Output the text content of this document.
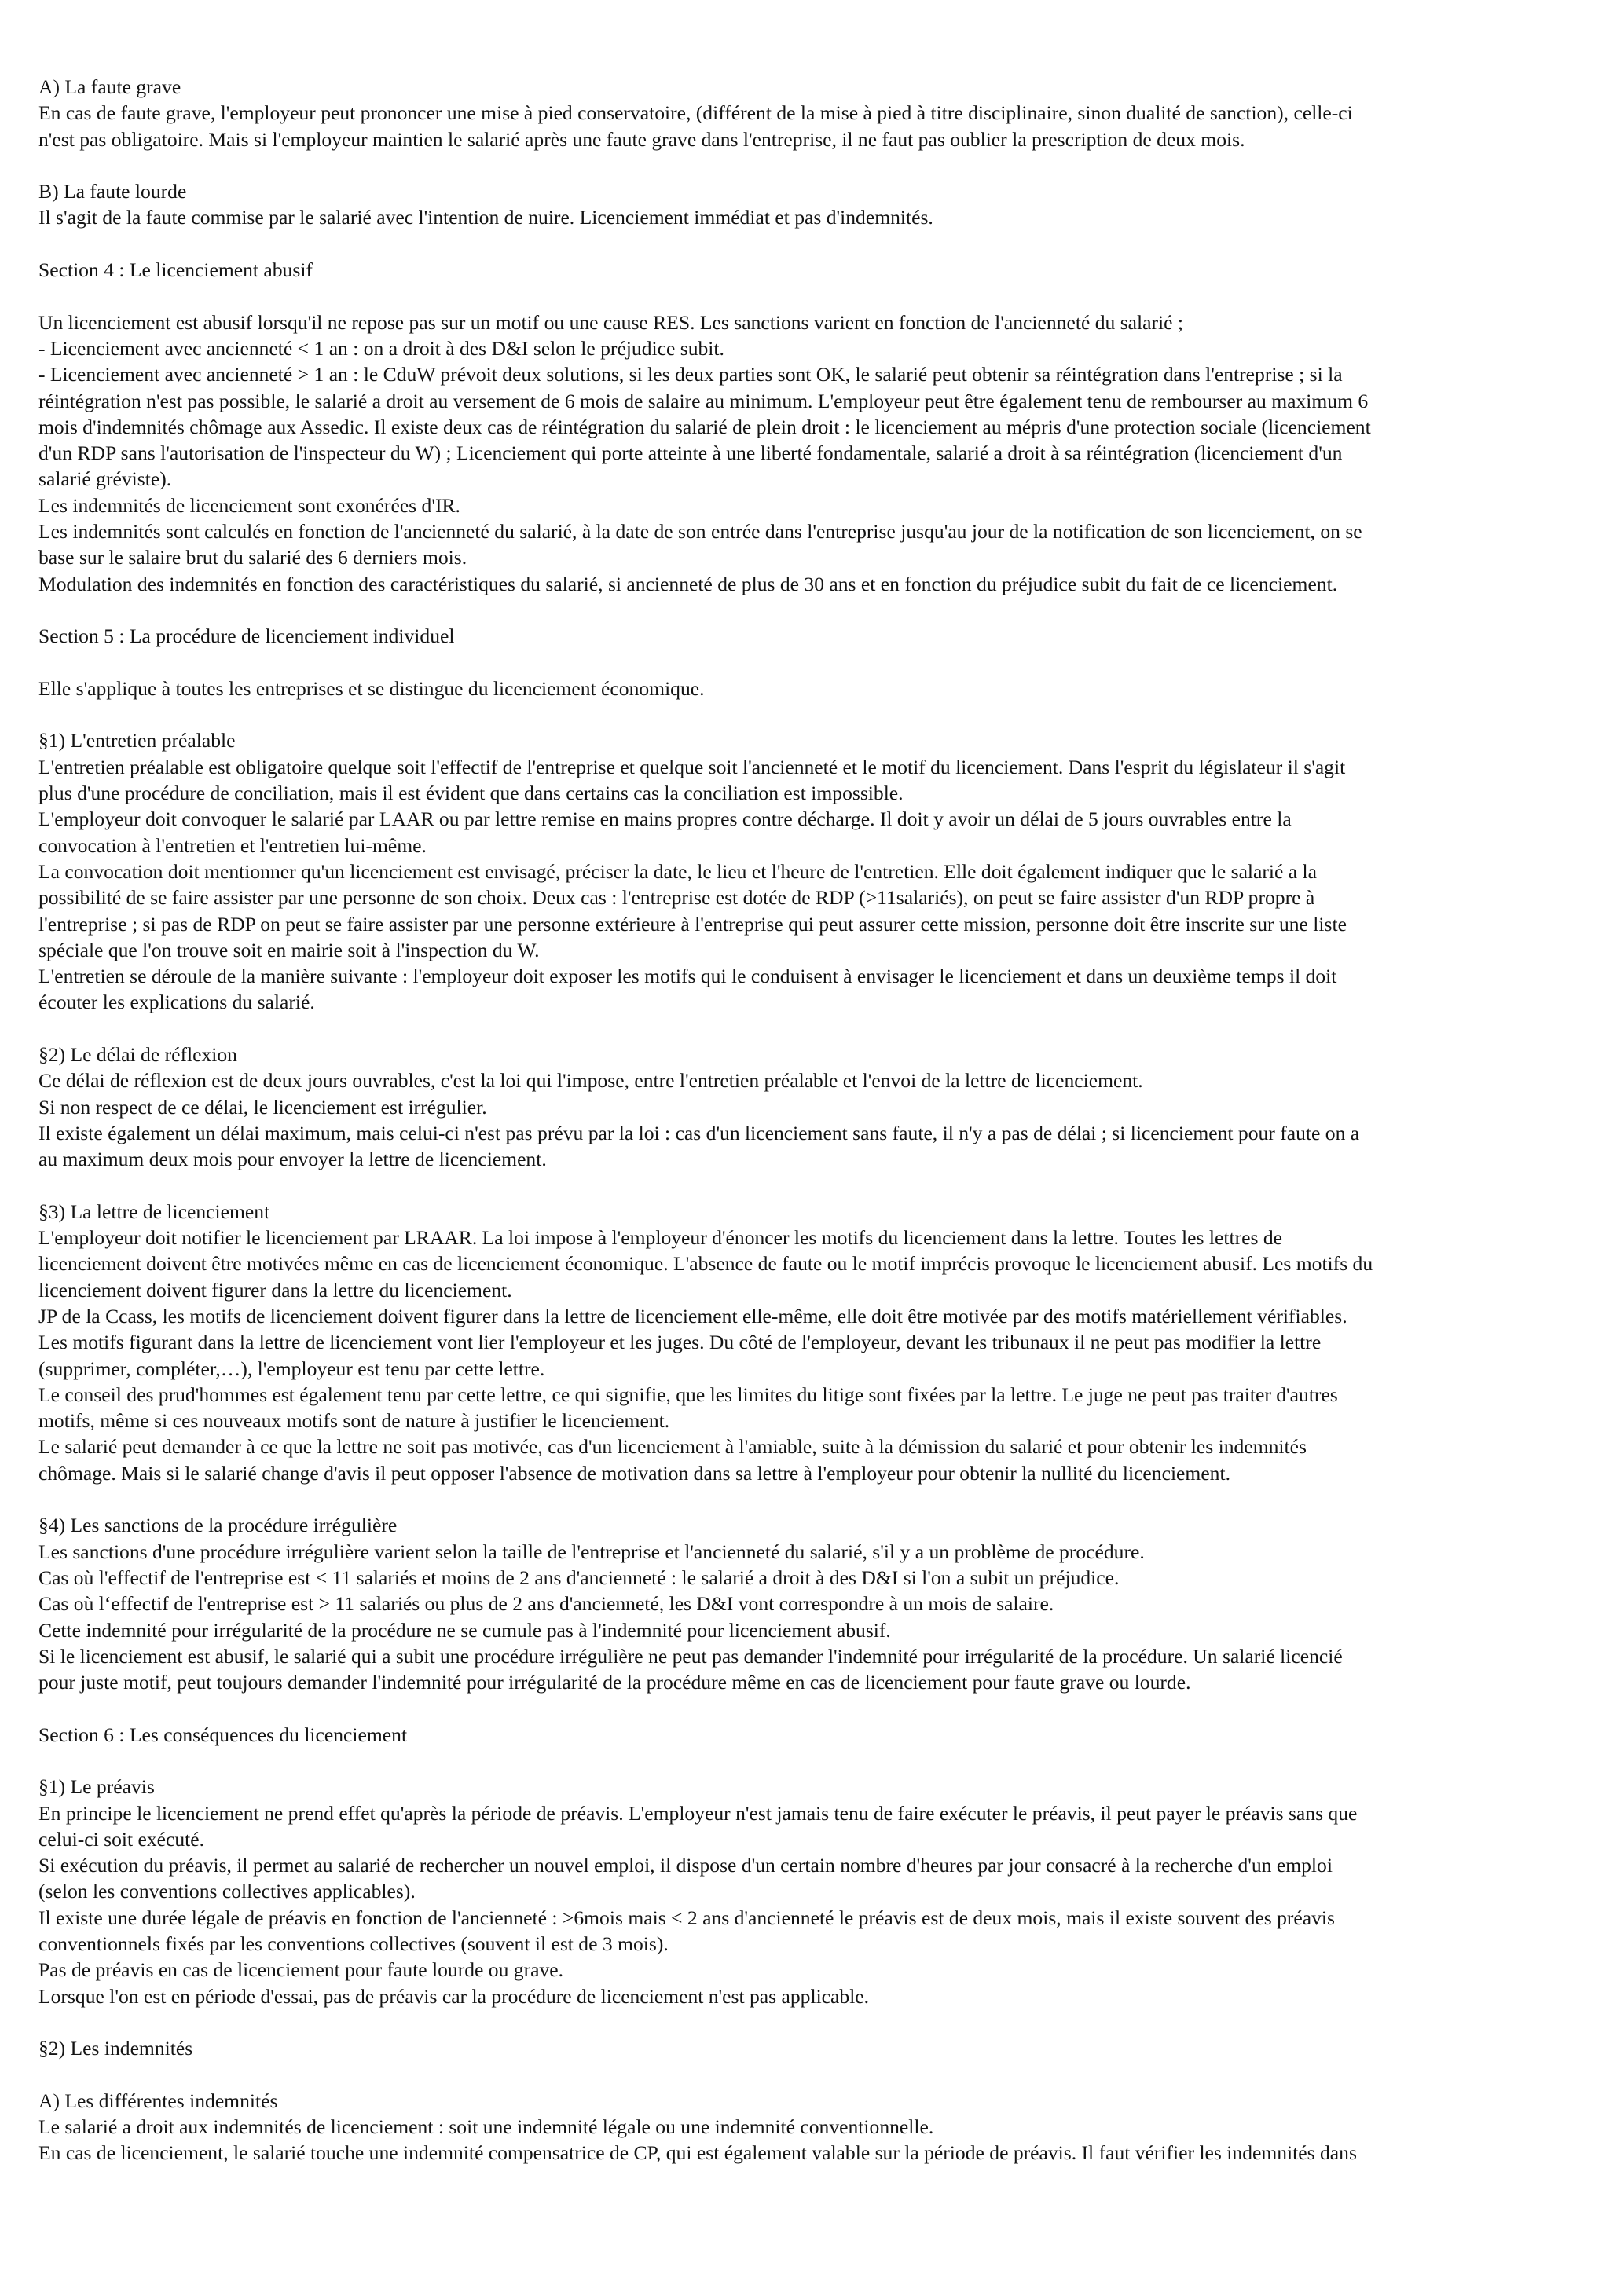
A) La faute grave
En cas de faute grave, l'employeur peut prononcer une mise à pied conservatoire, (différent de la mise à pied à titre disciplinaire, sinon dualité de sanction), celle-ci
n'est pas obligatoire. Mais si l'employeur maintien le salarié après une faute grave dans l'entreprise, il ne faut pas oublier la prescription de deux mois.
B) La faute lourde
Il s'agit de la faute commise par le salarié avec l'intention de nuire. Licenciement immédiat et pas d'indemnités.
Section 4 : Le licenciement abusif
Un licenciement est abusif lorsqu'il ne repose pas sur un motif ou une cause RES. Les sanctions varient en fonction de l'ancienneté du salarié ;
- Licenciement avec ancienneté < 1 an : on a droit à des D&I selon le préjudice subit.
- Licenciement avec ancienneté > 1 an : le CduW prévoit deux solutions, si les deux parties sont OK, le salarié peut obtenir sa réintégration dans l'entreprise ; si la
réintégration n'est pas possible, le salarié a droit au versement de 6 mois de salaire au minimum. L'employeur peut être également tenu de rembourser au maximum 6
mois d'indemnités chômage aux Assedic. Il existe deux cas de réintégration du salarié de plein droit : le licenciement au mépris d'une protection sociale (licenciement
d'un RDP sans l'autorisation de l'inspecteur du W) ; Licenciement qui porte atteinte à une liberté fondamentale, salarié a droit à sa réintégration (licenciement d'un
salarié gréviste).
Les indemnités de licenciement sont exonérées d'IR.
Les indemnités sont calculés en fonction de l'ancienneté du salarié, à la date de son entrée dans l'entreprise jusqu'au jour de la notification de son licenciement, on se
base sur le salaire brut du salarié des 6 derniers mois.
Modulation des indemnités en fonction des caractéristiques du salarié, si ancienneté de plus de 30 ans et en fonction du préjudice subit du fait de ce licenciement.
Section 5 : La procédure de licenciement individuel
Elle s'applique à toutes les entreprises et se distingue du licenciement économique.
§1) L'entretien préalable
L'entretien préalable est obligatoire quelque soit l'effectif de l'entreprise et quelque soit l'ancienneté et le motif du licenciement. Dans l'esprit du législateur il s'agit
plus d'une procédure de conciliation, mais il est évident que dans certains cas la conciliation est impossible.
L'employeur doit convoquer le salarié par LAAR ou par lettre remise en mains propres contre décharge. Il doit y avoir un délai de 5 jours ouvrables entre la
convocation à l'entretien et l'entretien lui-même.
La convocation doit mentionner qu'un licenciement est envisagé, préciser la date, le lieu et l'heure de l'entretien. Elle doit également indiquer que le salarié a la
possibilité de se faire assister par une personne de son choix. Deux cas : l'entreprise est dotée de RDP (>11salariés), on peut se faire assister d'un RDP propre à
l'entreprise ; si pas de RDP on peut se faire assister par une personne extérieure à l'entreprise qui peut assurer cette mission, personne doit être inscrite sur une liste
spéciale que l'on trouve soit en mairie soit à l'inspection du W.
L'entretien se déroule de la manière suivante : l'employeur doit exposer les motifs qui le conduisent à envisager le licenciement et dans un deuxième temps il doit
écouter les explications du salarié.
§2) Le délai de réflexion
Ce délai de réflexion est de deux jours ouvrables, c'est la loi qui l'impose, entre l'entretien préalable et l'envoi de la lettre de licenciement.
Si non respect de ce délai, le licenciement est irrégulier.
Il existe également un délai maximum, mais celui-ci n'est pas prévu par la loi : cas d'un licenciement sans faute, il n'y a pas de délai ; si licenciement pour faute on a
au maximum deux mois pour envoyer la lettre de licenciement.
§3) La lettre de licenciement
L'employeur doit notifier le licenciement par LRAAR. La loi impose à l'employeur d'énoncer les motifs du licenciement dans la lettre. Toutes les lettres de
licenciement doivent être motivées même en cas de licenciement économique. L'absence de faute ou le motif imprécis provoque le licenciement abusif. Les motifs du
licenciement doivent figurer dans la lettre du licenciement.
JP de la Ccass, les motifs de licenciement doivent figurer dans la lettre de licenciement elle-même, elle doit être motivée par des motifs matériellement vérifiables.
Les motifs figurant dans la lettre de licenciement vont lier l'employeur et les juges. Du côté de l'employeur, devant les tribunaux il ne peut pas modifier la lettre
(supprimer, compléter,…), l'employeur est tenu par cette lettre.
Le conseil des prud'hommes est également tenu par cette lettre, ce qui signifie, que les limites du litige sont fixées par la lettre. Le juge ne peut pas traiter d'autres
motifs, même si ces nouveaux motifs sont de nature à justifier le licenciement.
Le salarié peut demander à ce que la lettre ne soit pas motivée, cas d'un licenciement à l'amiable, suite à la démission du salarié et pour obtenir les indemnités
chômage. Mais si le salarié change d'avis il peut opposer l'absence de motivation dans sa lettre à l'employeur pour obtenir la nullité du licenciement.
§4) Les sanctions de la procédure irrégulière
Les sanctions d'une procédure irrégulière varient selon la taille de l'entreprise et l'ancienneté du salarié, s'il y a un problème de procédure.
Cas où l'effectif de l'entreprise est < 11 salariés et moins de 2 ans d'ancienneté : le salarié a droit à des D&I si l'on a subit un préjudice.
Cas où l‘effectif de l'entreprise est > 11 salariés ou plus de 2 ans d'ancienneté, les D&I vont correspondre à un mois de salaire.
Cette indemnité pour irrégularité de la procédure ne se cumule pas à l'indemnité pour licenciement abusif.
Si le licenciement est abusif, le salarié qui a subit une procédure irrégulière ne peut pas demander l'indemnité pour irrégularité de la procédure. Un salarié licencié
pour juste motif, peut toujours demander l'indemnité pour irrégularité de la procédure même en cas de licenciement pour faute grave ou lourde.
Section 6 : Les conséquences du licenciement
§1) Le préavis
En principe le licenciement ne prend effet qu'après la période de préavis. L'employeur n'est jamais tenu de faire exécuter le préavis, il peut payer le préavis sans que
celui-ci soit exécuté.
Si exécution du préavis, il permet au salarié de rechercher un nouvel emploi, il dispose d'un certain nombre d'heures par jour consacré à la recherche d'un emploi
(selon les conventions collectives applicables).
Il existe une durée légale de préavis en fonction de l'ancienneté : >6mois mais < 2 ans d'ancienneté le préavis est de deux mois, mais il existe souvent des préavis
conventionnels fixés par les conventions collectives (souvent il est de 3 mois).
Pas de préavis en cas de licenciement pour faute lourde ou grave.
Lorsque l'on est en période d'essai, pas de préavis car la procédure de licenciement n'est pas applicable.
§2) Les indemnités
A) Les différentes indemnités
Le salarié a droit aux indemnités de licenciement : soit une indemnité légale ou une indemnité conventionnelle.
En cas de licenciement, le salarié touche une indemnité compensatrice de CP, qui est également valable sur la période de préavis. Il faut vérifier les indemnités dans
